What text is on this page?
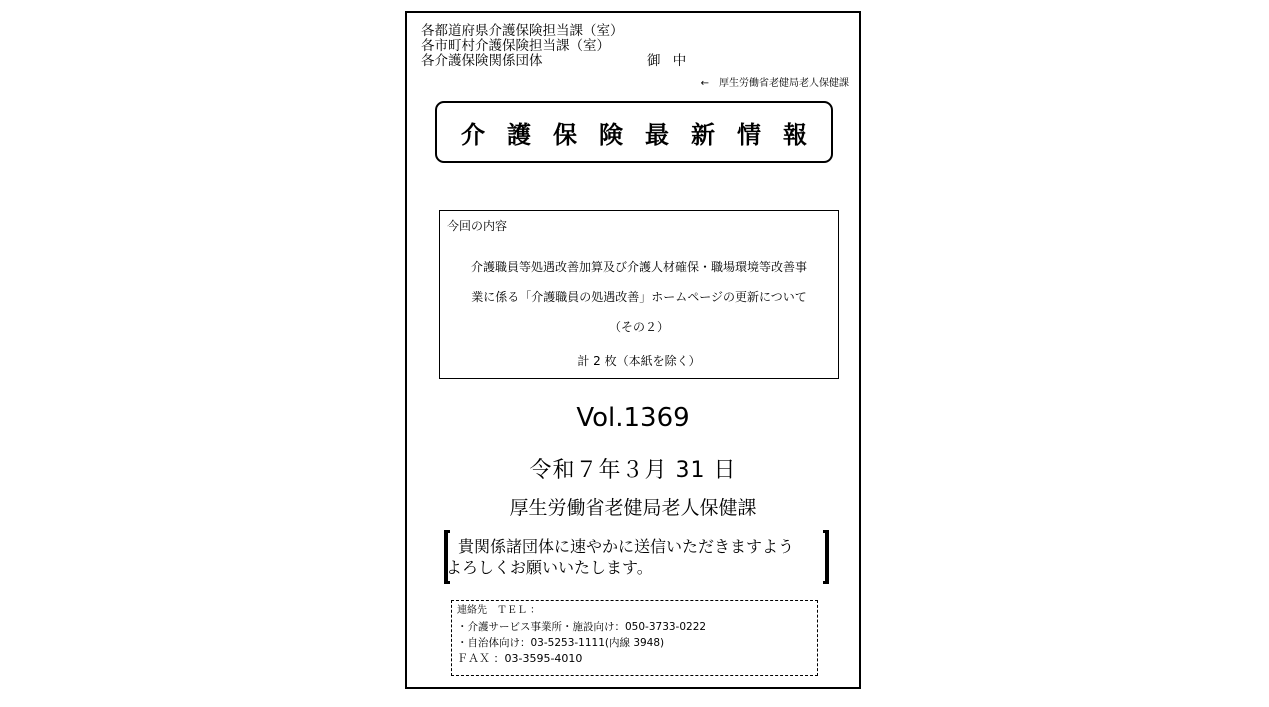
各都道府県介護保険担当課（室）
各市町村介護保険担当課（室）
各介護保険関係団体	御 中
← 厚生労働省老健局老人保健課
介護保険最新情報
今回の内容
介護職員等処遇改善加算及び介護人材確保・職場環境等改善事
業に係る「介護職員の処遇改善」ホームページの更新について
（その２）
計 2 枚（本紙を除く）
Vol.1369
令和７年３月 31 日
厚生労働省老健局老人保健課
貴関係諸団体に速やかに送信いただきますよう
よろしくお願いいたします。
連絡先　ＴＥＬ ：
・介護サービス事業所・施設向け：050-3733-0222
・自治体向け：03-5253-1111(内線 3948)
ＦＡＸ ：03-3595-4010
